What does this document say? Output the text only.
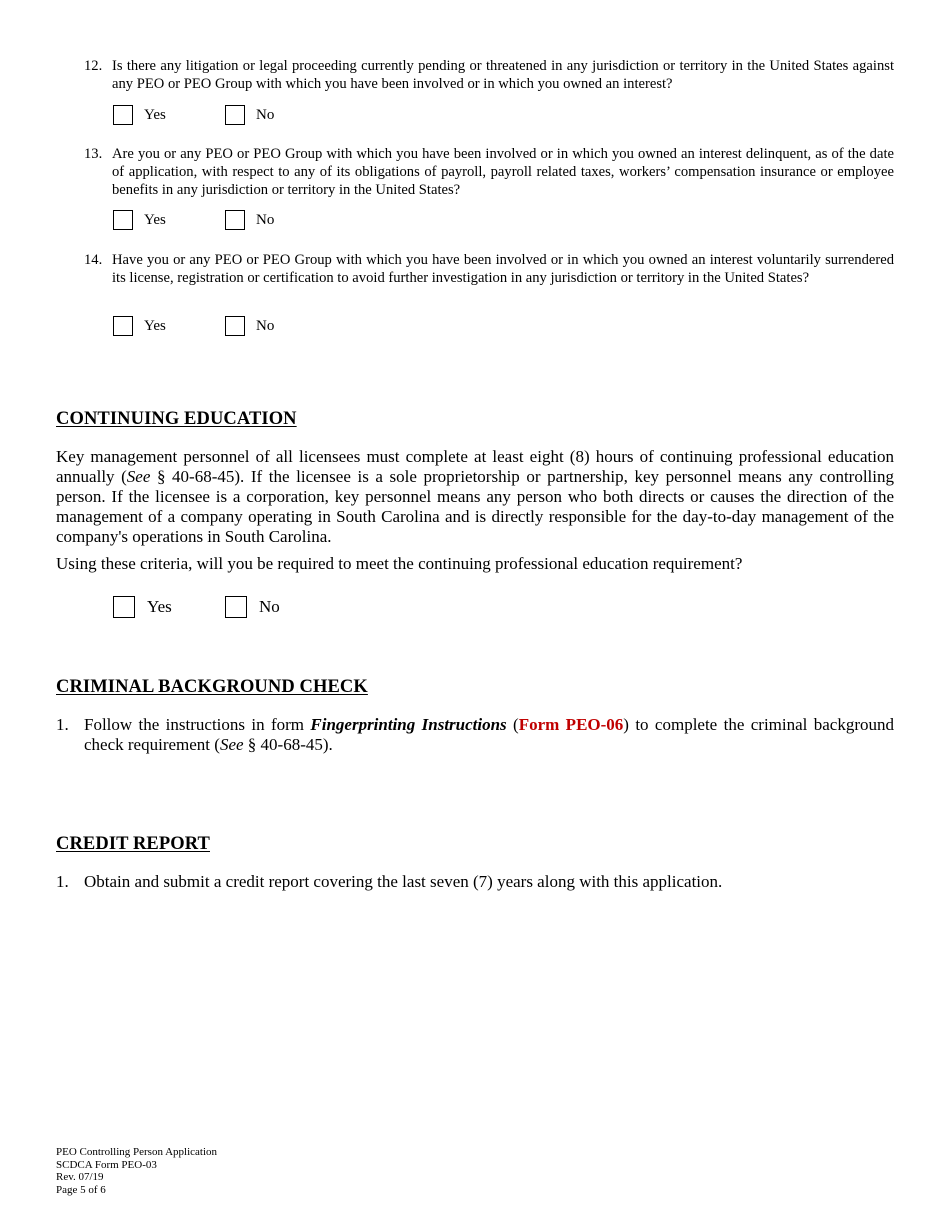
12. Is there any litigation or legal proceeding currently pending or threatened in any jurisdiction or territory in the United States against any PEO or PEO Group with which you have been involved or in which you owned an interest?
Yes	No
13. Are you or any PEO or PEO Group with which you have been involved or in which you owned an interest delinquent, as of the date of application, with respect to any of its obligations of payroll, payroll related taxes, workers’ compensation insurance or employee benefits in any jurisdiction or territory in the United States?
Yes	No
14. Have you or any PEO or PEO Group with which you have been involved or in which you owned an interest voluntarily surrendered its license, registration or certification to avoid further investigation in any jurisdiction or territory in the United States?
Yes	No
CONTINUING EDUCATION
Key management personnel of all licensees must complete at least eight (8) hours of continuing professional education annually (See § 40-68-45). If the licensee is a sole proprietorship or partnership, key personnel means any controlling person. If the licensee is a corporation, key personnel means any person who both directs or causes the direction of the management of a company operating in South Carolina and is directly responsible for the day-to-day management of the company's operations in South Carolina.
Using these criteria, will you be required to meet the continuing professional education requirement?
Yes	No
CRIMINAL BACKGROUND CHECK
1. Follow the instructions in form Fingerprinting Instructions (Form PEO-06) to complete the criminal background check requirement (See § 40-68-45).
CREDIT REPORT
1. Obtain and submit a credit report covering the last seven (7) years along with this application.
PEO Controlling Person Application
SCDCA Form PEO-03
Rev. 07/19
Page 5 of 6
